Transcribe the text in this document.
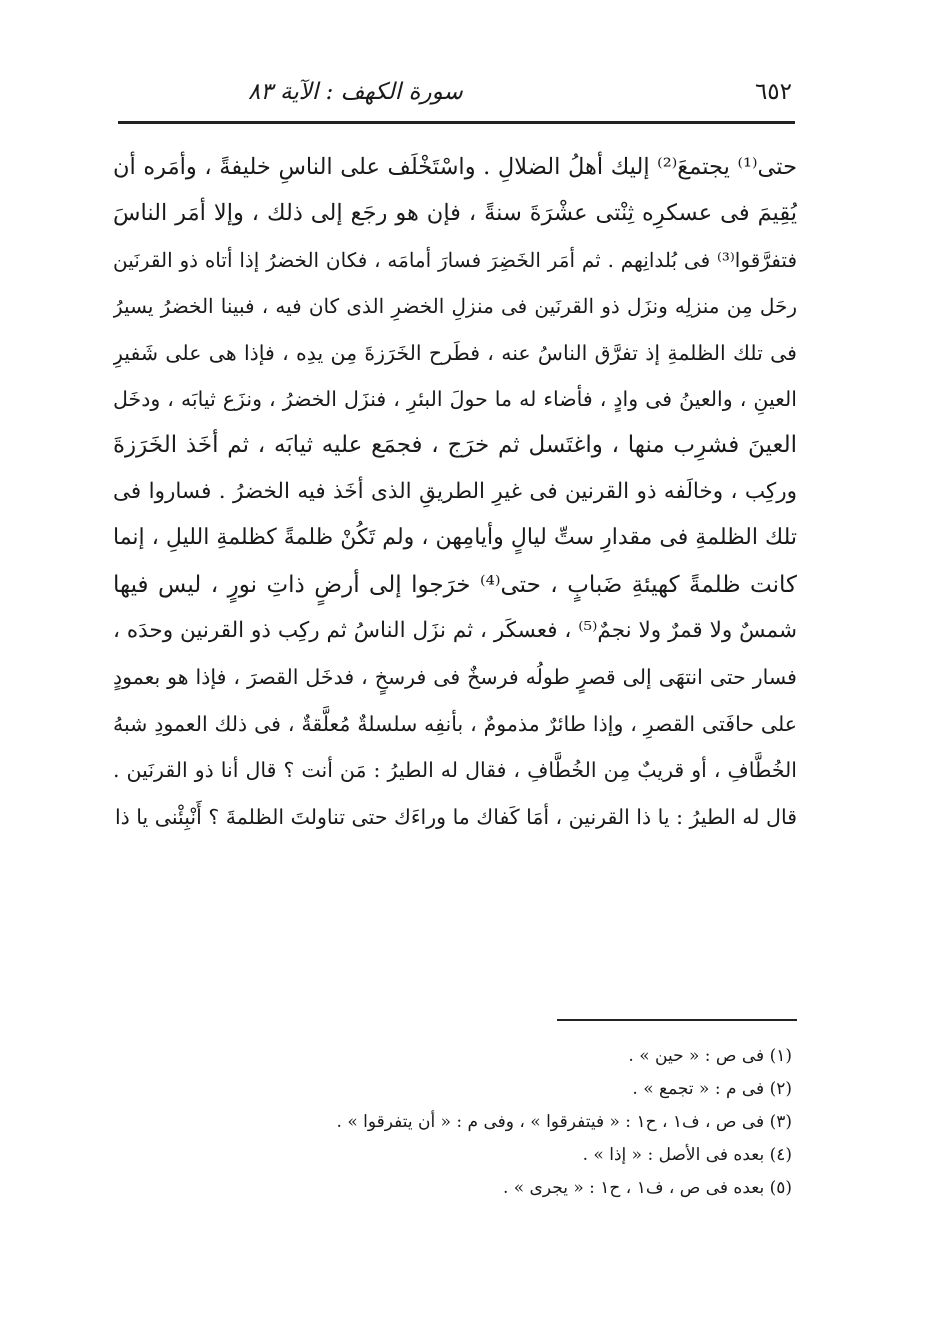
٦٥٢
سورة الكهف : الآية ٨٣
حتى⁽¹⁾ يجتمعَ⁽²⁾ إليك أهلُ الضلالِ . واسْتَخْلَف على الناسِ خليفةً ، وأمَره أن
يُقِيمَ فى عسكرِه ثِنْتى عشْرَةَ سنةً ، فإن هو رجَع إلى ذلك ، وإلا أمَر الناسَ
فتفرَّقوا⁽³⁾ فى بُلدانِهم . ثم أمَر الخَضِرَ فسارَ أمامَه ، فكان الخضرُ إذا أتاه ذو القرنَين
رحَل مِن منزلِه ونزَل ذو القرنَين فى منزلِ الخضرِ الذى كان فيه ، فبينا الخضرُ يسيرُ
فى تلك الظلمةِ إذ تفرَّق الناسُ عنه ، فطَرح الخَرَزةَ مِن يدِه ، فإذا هى على شَفيرِ
العينِ ، والعينُ فى وادٍ ، فأضاء له ما حولَ البئرِ ، فنزَل الخضرُ ، ونزَع ثيابَه ، ودخَل
العينَ فشرِب منها ، واغتَسل ثم خرَج ، فجمَع عليه ثيابَه ، ثم أخَذ الخَرَزةَ
وركِب ، وخالَفه ذو القرنين فى غيرِ الطريقِ الذى أخَذ فيه الخضرُ . فساروا فى
تلك الظلمةِ فى مقدارِ ستِّ ليالٍ وأيامِهن ، ولم تَكُنْ ظلمةً كظلمةِ الليلِ ، إنما
كانت ظلمةً كهيئةِ ضَبابٍ ، حتى⁽⁴⁾ خرَجوا إلى أرضٍ ذاتِ نورٍ ، ليس فيها
شمسٌ ولا قمرٌ ولا نجمٌ⁽⁵⁾ ، فعسكَر ، ثم نزَل الناسُ ثم ركِب ذو القرنين وحدَه ،
فسار حتى انتهَى إلى قصرٍ طولُه فرسخٌ فى فرسخٍ ، فدخَل القصرَ ، فإذا هو بعمودٍ
على حافَتى القصرِ ، وإذا طائرٌ مذمومٌ ، بأنفِه سلسلةٌ مُعلَّقةٌ ، فى ذلك العمودِ شبهُ
الخُطَّافِ ، أو قريبٌ مِن الخُطَّافِ ، فقال له الطيرُ : مَن أنت ؟ قال أنا ذو القرنَين .
قال له الطيرُ : يا ذا القرنين ، أمَا كَفاك ما وراءَك حتى تناولتَ الظلمةَ ؟ أَنْبِئْنى يا ذا
(١) فى ص : « حين » .
(٢) فى م : « تجمع » .
(٣) فى ص ، ف١ ، ح١ : « فيتفرقوا » ، وفى م : « أن يتفرقوا » .
(٤) بعده فى الأصل : « إذا » .
(٥) بعده فى ص ، ف١ ، ح١ : « يجرى » .
